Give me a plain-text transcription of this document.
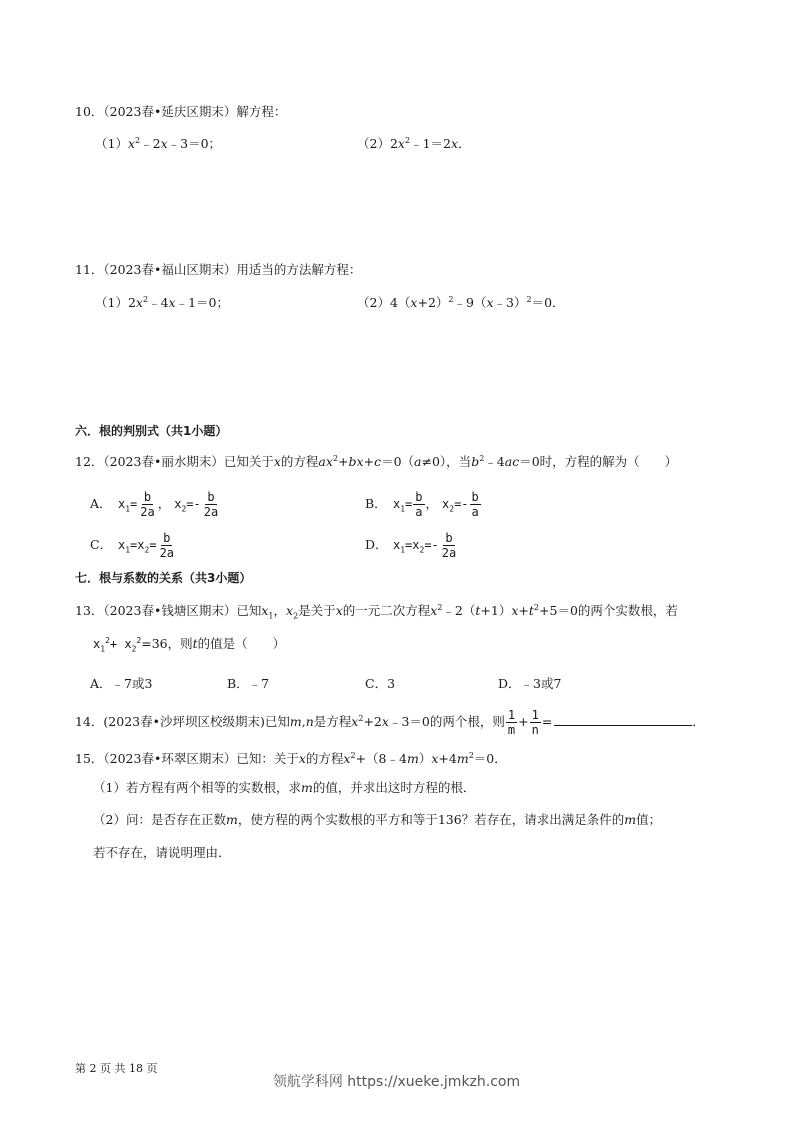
10．（2023春•延庆区期末）解方程：
$(1)x^2﹣2x﹣3=0$；	$(2)2x^2﹣1=2x$．
11．（2023春•福山区期末）用适当的方法解方程：
$(1)2x^2﹣4x﹣1=0$；	$(2)4(x+2)^2﹣9(x﹣3)^2=0$．
六．根的判别式（共1小题）
12．（2023春•丽水期末）已知关于x的方程$ax^2+bx+c=0(a\ne 0)$，当$b^2﹣4ac=0$时，方程的解为（　　）
A． $x_1= \frac{b}{2a}$ ， $x_2=- \frac{b}{2a}$	B． $x_1= \frac{b}{a}$ ， $x_2=- \frac{b}{a}$
C． $x_1=x_2= \frac{b}{2a}$	D． $x_1=x_2=- \frac{b}{2a}$
七．根与系数的关系（共3小题）
13．（2023春•钱塘区期末）已知$x_1$，$x_2$是关于x的一元二次方程$x^2﹣2(t+1)x+t^2+5=0$的两个实数根，若
$x_1^2+ x_2^2=36$，则t的值是（　　）
A．﹣7或3	B．﹣7	C．3	D．﹣3或7
14．(2023春•沙坪坝区校级期末)已知m,n是方程$x^2+2x﹣3=0$的两个根，则 $\frac{1}{m} + \frac{1}{n}$ =	．
15．（2023春•环翠区期末）已知：关于x的方程$x^2+(8﹣4m)x+4m^2=0$．
（1）若方程有两个相等的实数根，求m的值，并求出这时方程的根．
（2）问：是否存在正数m，使方程的两个实数根的平方和等于136？若存在，请求出满足条件的m值；
若不存在，请说明理由．
第 2 页 共 18 页
领航学科网 https://xueke.jmkzh.com
